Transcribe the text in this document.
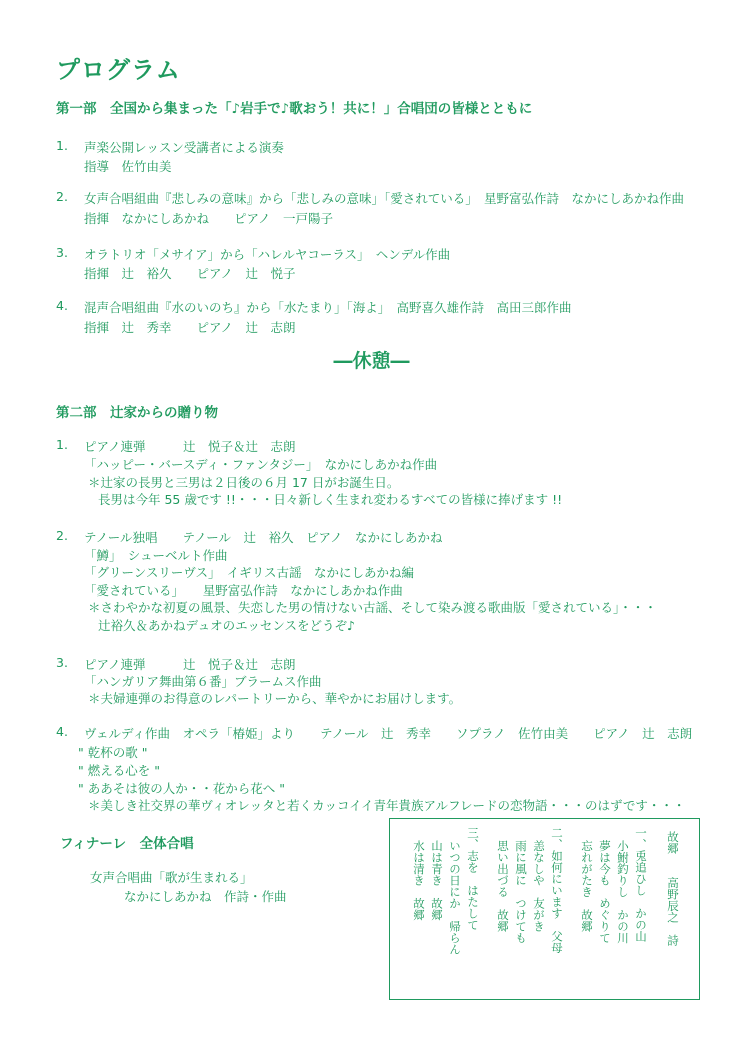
プログラム
第一部　全国から集まった「♪岩手で♪歌おう！共に！」合唱団の皆様とともに
1. 声楽公開レッスン受講者による演奏
指導　佐竹由美
2. 女声合唱組曲『悲しみの意味』から「悲しみの意味」「愛されている」　星野富弘作詩　なかにしあかね作曲
指揮　なかにしあかね　　ピアノ　一戸陽子
3. オラトリオ「メサイア」から「ハレルヤコーラス」　ヘンデル作曲
指揮　辻　裕久　　ピアノ　辻　悦子
4. 混声合唱組曲『水のいのち』から「水たまり」「海よ」　高野喜久雄作詩　高田三郎作曲
指揮　辻　秀幸　　ピアノ　辻　志朗
―休憩―
第二部　辻家からの贈り物
1. ピアノ連弾　　　辻　悦子＆辻　志朗
「ハッピー・バースディ・ファンタジー」　なかにしあかね作曲
＊辻家の長男と三男は２日後の６月 17 日がお誕生日。
長男は今年 55 歳です !!・・・日々新しく生まれ変わるすべての皆様に捧げます !!
2. テノール独唱　　テノール　辻　裕久　ピアノ　なかにしあかね
「鱒」　シューベルト作曲
「グリーンスリーヴス」　イギリス古謡　なかにしあかね編
「愛されている」　　星野富弘作詩　なかにしあかね作曲
＊さわやかな初夏の風景、失恋した男の情けない古謡、そして染み渡る歌曲版「愛されている」・・・
辻裕久＆あかねデュオのエッセンスをどうぞ♪
3. ピアノ連弾　　　辻　悦子＆辻　志朗
「ハンガリア舞曲第６番」ブラームス作曲
＊夫婦連弾のお得意のレパートリーから、華やかにお届けします。
4. ヴェルディ作曲　オペラ「椿姫」より　　テノール　辻　秀幸　　ソプラノ　佐竹由美　　ピアノ　辻　志朗
" 乾杯の歌 "
" 燃える心を "
" ああそは彼の人か・・花から花へ "
＊美しき社交界の華ヴィオレッタと若くカッコイイ青年貴族アルフレードの恋物語・・・のはずです・・・
フィナーレ　全体合唱
女声合唱曲「歌が生まれる」
なかにしあかね　作詩・作曲	故郷　　高野辰之　詩
一、兎追ひし　かの山
小鮒釣りし　かの川
夢は今も　めぐりて
忘れがたき　故郷
二、如何にいます　父母
恙なしや　友がき
雨に風に　つけても
思い出づる　故郷
三、志を　はたして
いつの日にか　帰らん
山は青き　故郷
水は清き　故郷
